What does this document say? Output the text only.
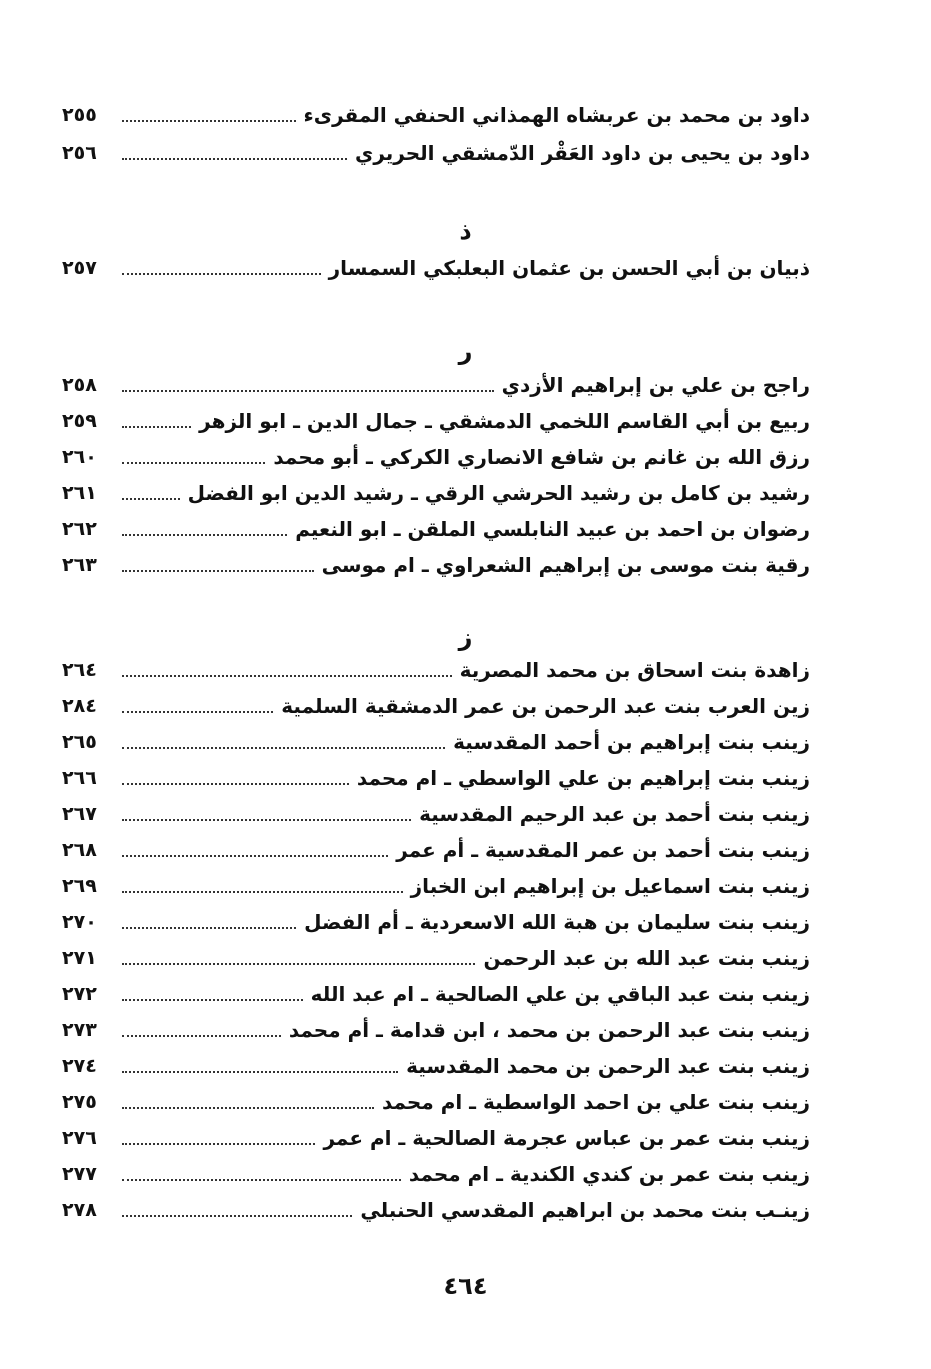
داود بن محمد بن عربشاه الهمذاني الحنفي المقرىء
٢٥٥
داود بن يحيى بن داود العَقْر الدّمشقي الحريري
٢٥٦
ذ
ذبيان بن أبي الحسن بن عثمان البعلبكي السمسار
٢٥٧
ر
راجح بن علي بن إبراهيم الأزدي
٢٥٨
ربيع بن أبي القاسم اللخمي الدمشقي ـ جمال الدين ـ ابو الزهر
٢٥٩
رزق الله بن غانم بن شافع الانصاري الكركي ـ أبو محمد
٢٦٠
رشيد بن كامل بن رشيد الحرشي الرقي ـ رشيد الدين ابو الفضل
٢٦١
رضوان بن احمد بن عبيد النابلسي الملقن ـ ابو النعيم
٢٦٢
رقية بنت موسى بن إبراهيم الشعراوي ـ ام موسى
٢٦٣
ز
زاهدة بنت اسحاق بن محمد المصرية
٢٦٤
زين العرب بنت عبد الرحمن بن عمر الدمشقية السلمية
٢٨٤
زينب بنت إبراهيم بن أحمد المقدسية
٢٦٥
زينب بنت إبراهيم بن علي الواسطي ـ ام محمد
٢٦٦
زينب بنت أحمد بن عبد الرحيم المقدسية
٢٦٧
زينب بنت أحمد بن عمر المقدسية ـ أم عمر
٢٦٨
زينب بنت اسماعيل بن إبراهيم ابن الخباز
٢٦٩
زينب بنت سليمان بن هبة الله الاسعردية ـ أم الفضل
٢٧٠
زينب بنت عبد الله بن عبد الرحمن
٢٧١
زينب بنت عبد الباقي بن علي الصالحية ـ ام عبد الله
٢٧٢
زينب بنت عبد الرحمن بن محمد ، ابن قدامة ـ أم محمد
٢٧٣
زينب بنت عبد الرحمن بن محمد المقدسية
٢٧٤
زينب بنت علي بن احمد الواسطية ـ ام محمد
٢٧٥
زينب بنت عمر بن عباس عجرمة الصالحية ـ ام عمر
٢٧٦
زينب بنت عمر بن كندي الكندية ـ ام محمد
٢٧٧
زينـب بنت محمد بن ابراهيم المقدسي الحنبلي
٢٧٨
٤٦٤
